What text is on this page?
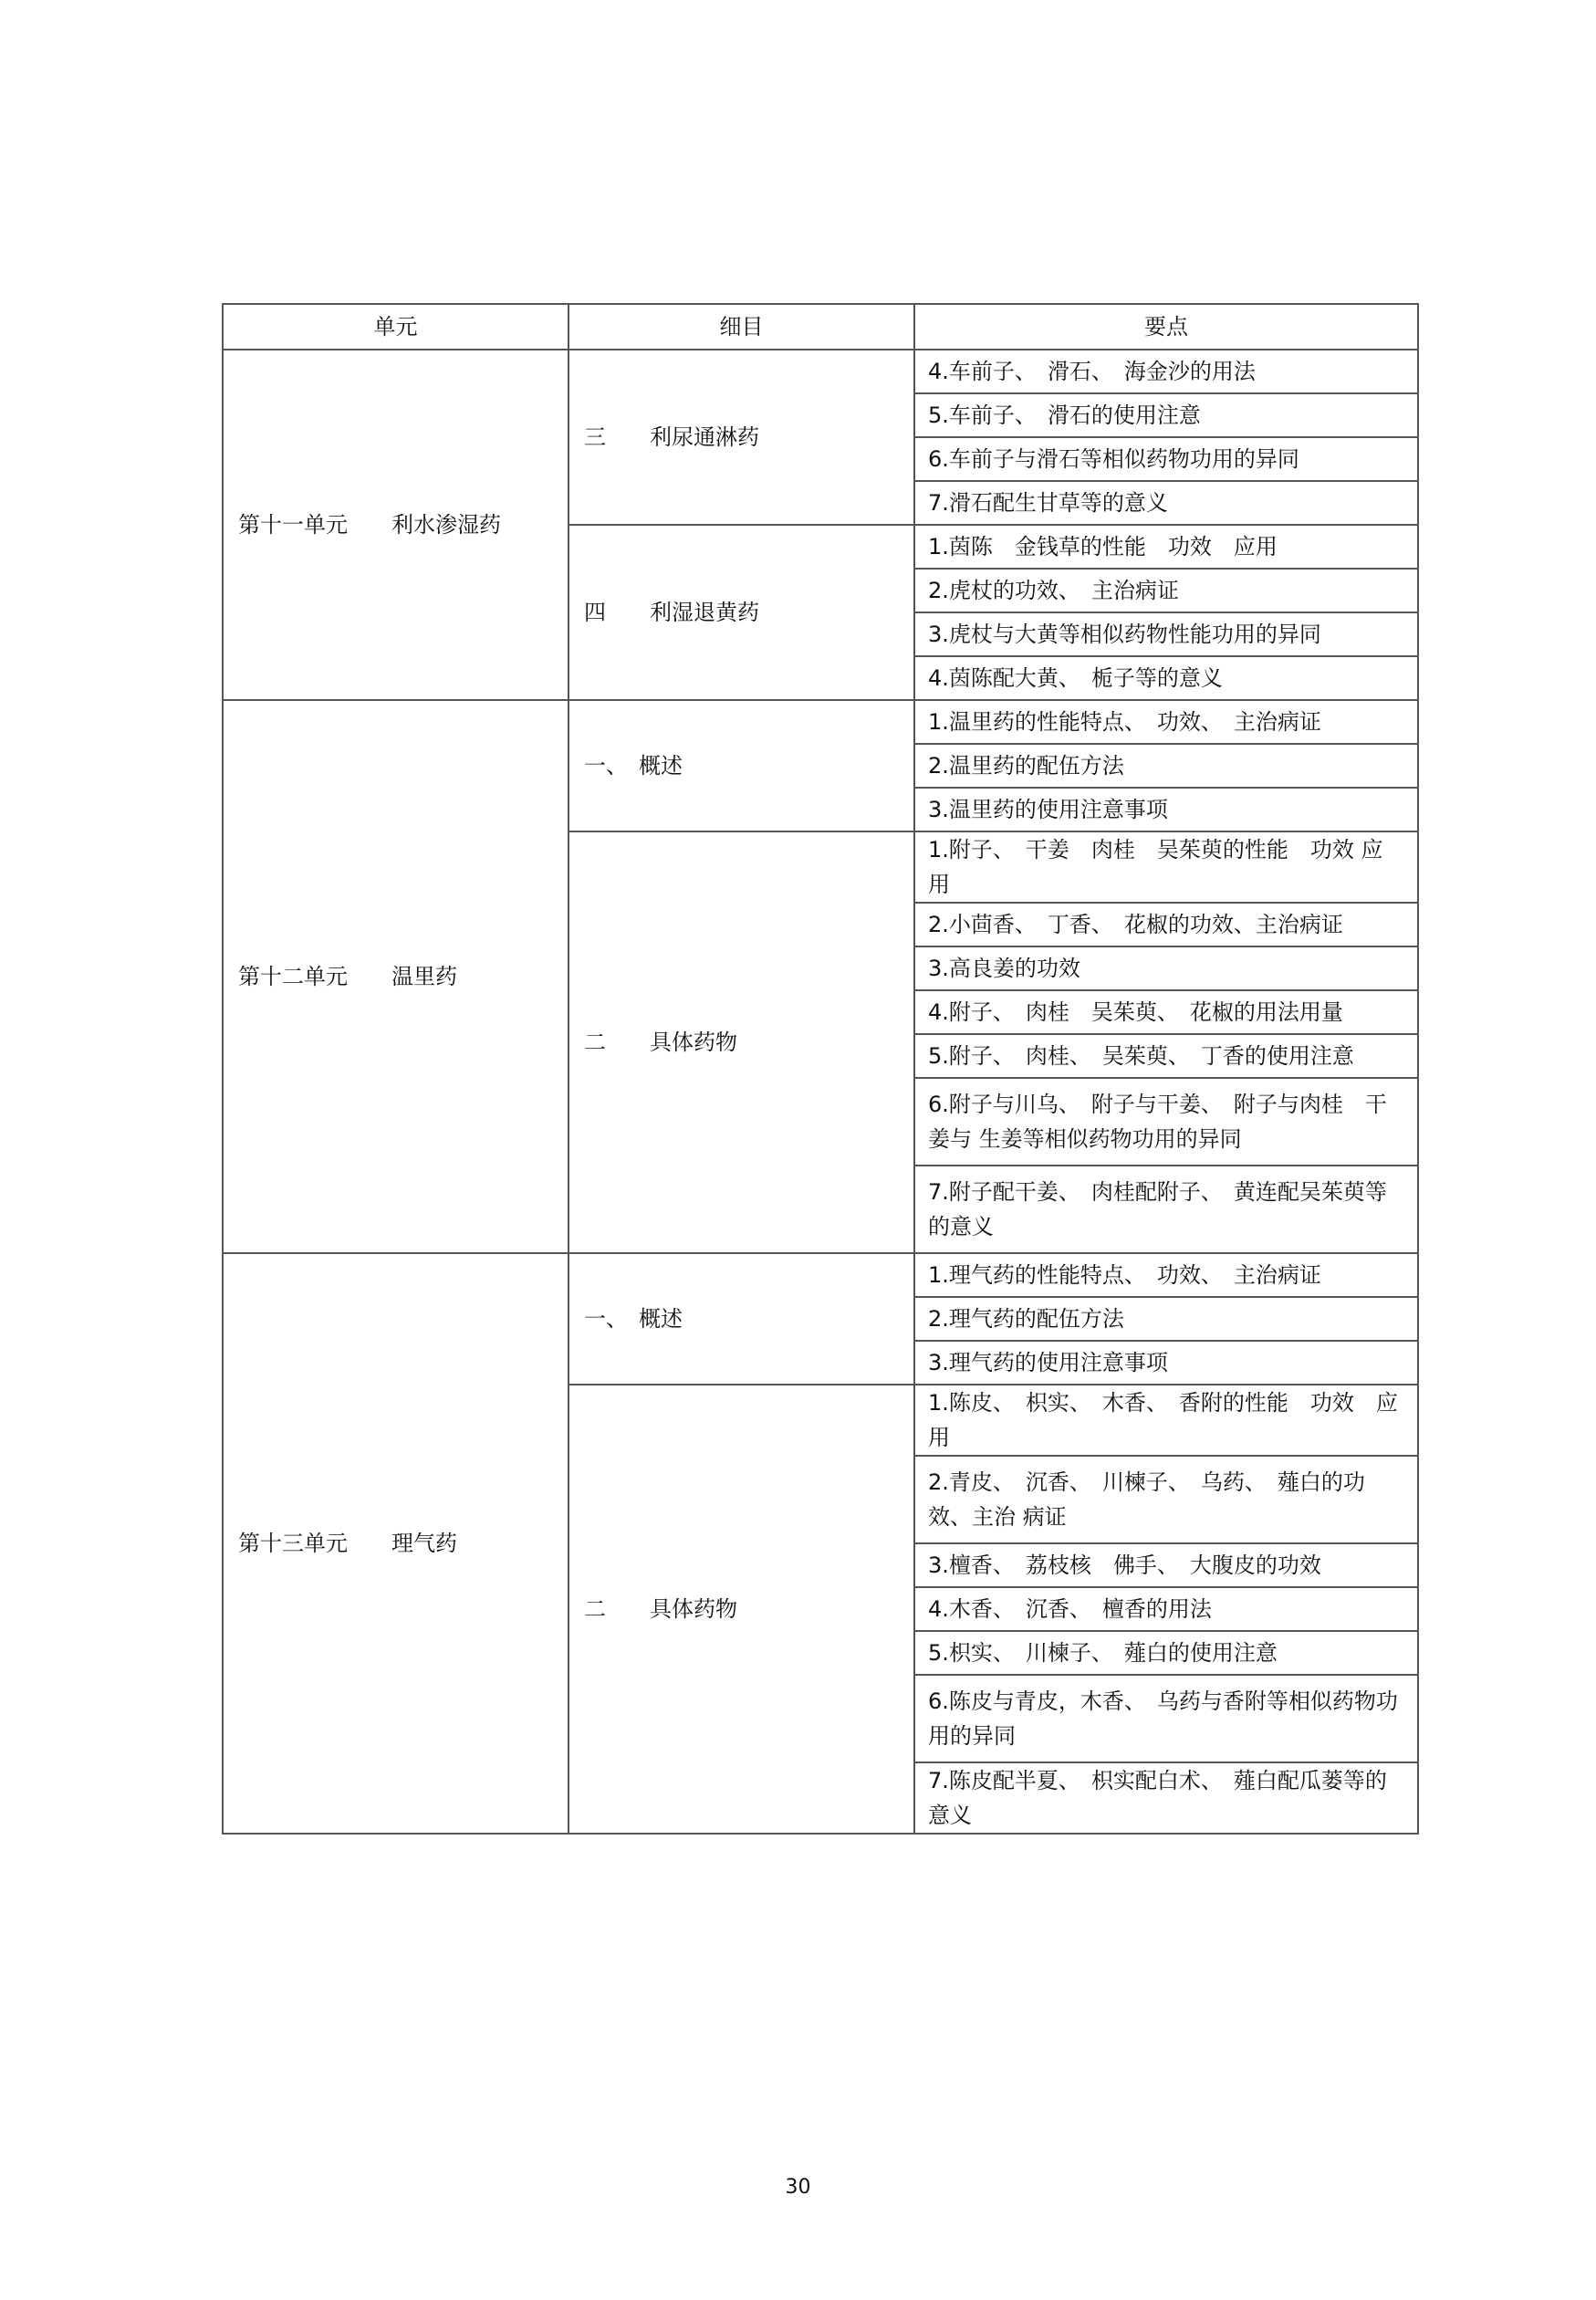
单元	细目	要点
第十一单元　　利水渗湿药	三　　利尿通淋药	4.车前子、　滑石、　海金沙的用法
5.车前子、　滑石的使用注意
6.车前子与滑石等相似药物功用的异同
7.滑石配生甘草等的意义
四　　利湿退黄药	1.茵陈　金钱草的性能　功效　应用
2.虎杖的功效、　主治病证
3.虎杖与大黄等相似药物性能功用的异同
4.茵陈配大黄、　栀子等的意义
第十二单元　　温里药	一、　概述	1.温里药的性能特点、　功效、　主治病证
2.温里药的配伍方法
3.温里药的使用注意事项
二　　具体药物	1.附子、　干姜　肉桂　吴茱萸的性能　功效 应用
2.小茴香、　丁香、　花椒的功效、主治病证
3.高良姜的功效
4.附子、　肉桂　吴茱萸、　花椒的用法用量
5.附子、　肉桂、　吴茱萸、　丁香的使用注意
6.附子与川乌、　附子与干姜、　附子与肉桂　干姜与 生姜等相似药物功用的异同
7.附子配干姜、　肉桂配附子、　黄连配吴茱萸等的意义
第十三单元　　理气药	一、　概述	1.理气药的性能特点、　功效、　主治病证
2.理气药的配伍方法
3.理气药的使用注意事项
二　　具体药物	1.陈皮、　枳实、　木香、　香附的性能　功效　应用
2.青皮、　沉香、　川楝子、　乌药、　薤白的功效、主治 病证
3.檀香、　荔枝核　佛手、　大腹皮的功效
4.木香、　沉香、　檀香的用法
5.枳实、　川楝子、　薤白的使用注意
6.陈皮与青皮，木香、　乌药与香附等相似药物功用的异同
7.陈皮配半夏、　枳实配白术、　薤白配瓜蒌等的意义
30
